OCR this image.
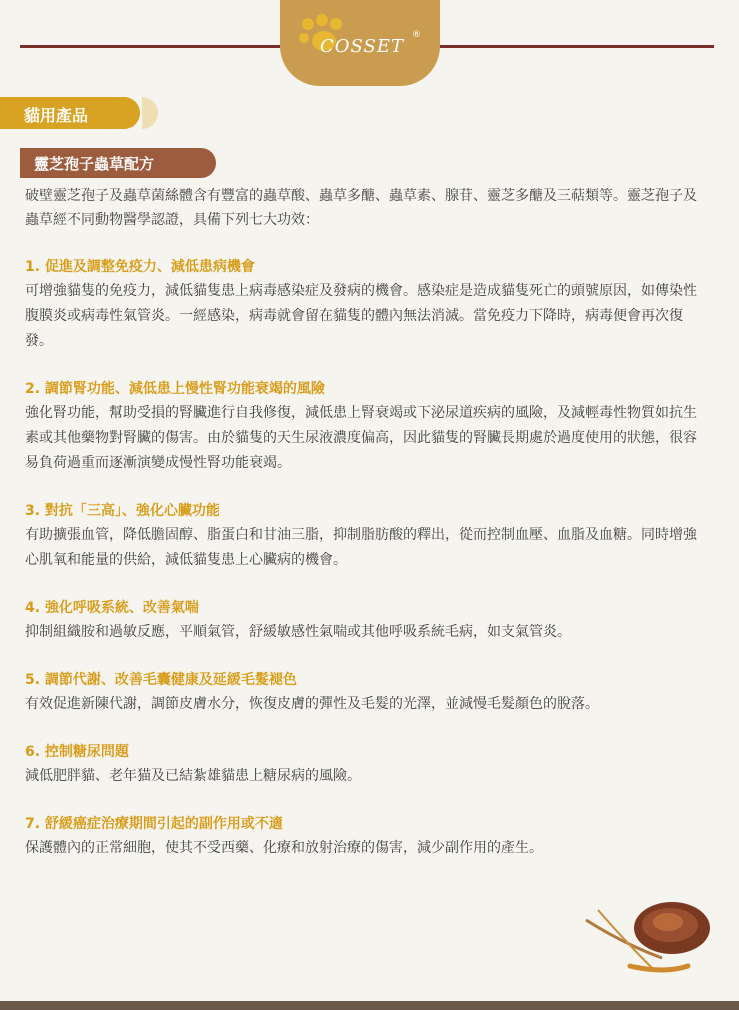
COSSET
®
貓用產品
靈芝孢子蟲草配方

破壁靈芝孢子及蟲草菌絲體含有豐富的蟲草酸、蟲草多醣、蟲草素、腺苷、靈芝多醣及三萜類等。靈芝孢子及蟲草經不同動物醫學認證，具備下列七大功效：

1. 促進及調整免疫力、減低患病機會

可增強貓隻的免疫力，減低貓隻患上病毒感染症及發病的機會。感染症是造成貓隻死亡的頭號原因，如傳染性腹膜炎或病毒性氣管炎。一經感染，病毒就會留在貓隻的體內無法消滅。當免疫力下降時，病毒便會再次復發。

2. 調節腎功能、減低患上慢性腎功能衰竭的風險

強化腎功能，幫助受損的腎臟進行自我修復，減低患上腎衰竭或下泌尿道疾病的風險，及減輕毒性物質如抗生素或其他藥物對腎臟的傷害。由於貓隻的天生尿液濃度偏高，因此貓隻的腎臟長期處於過度使用的狀態，很容易負荷過重而逐漸演變成慢性腎功能衰竭。

3. 對抗「三高」、強化心臟功能

有助擴張血管，降低膽固醇、脂蛋白和甘油三脂，抑制脂肪酸的釋出，從而控制血壓、血脂及血糖。同時增強心肌氧和能量的供給，減低貓隻患上心臟病的機會。

4. 強化呼吸系統、改善氣喘

抑制組織胺和過敏反應，平順氣管，舒緩敏感性氣喘或其他呼吸系統毛病，如支氣管炎。

5. 調節代謝、改善毛囊健康及延緩毛髮褪色

有效促進新陳代謝，調節皮膚水分，恢復皮膚的彈性及毛髮的光澤，並減慢毛髮顏色的脫落。

6. 控制糖尿問題

減低肥胖貓、老年猫及已結紮雄貓患上糖尿病的風險。

7. 舒緩癌症治療期間引起的副作用或不適

保護體內的正常細胞，使其不受西藥、化療和放射治療的傷害，減少副作用的產生。
